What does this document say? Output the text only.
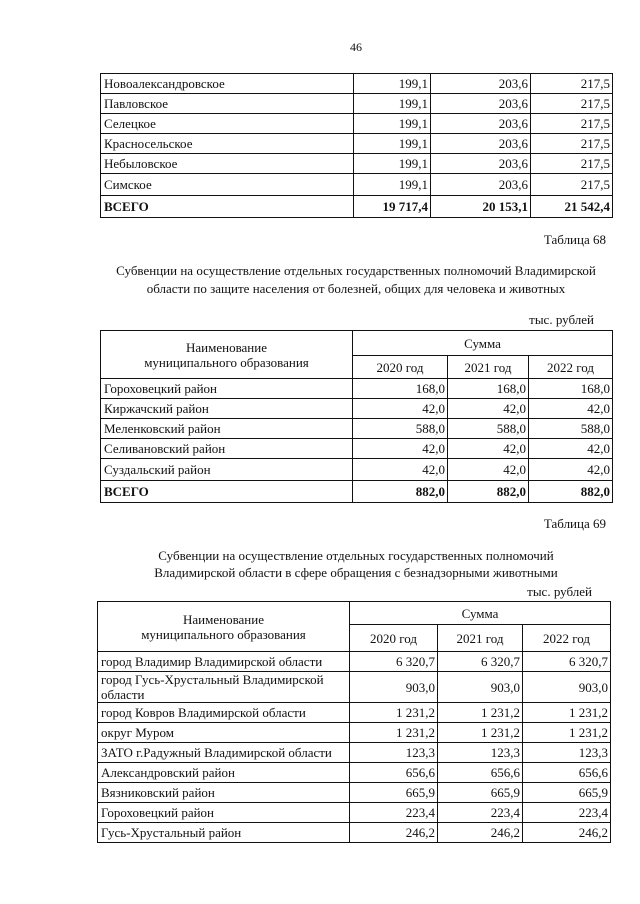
46
Новоалександровское	199,1	203,6	217,5
Павловское	199,1	203,6	217,5
Селецкое	199,1	203,6	217,5
Красносельское	199,1	203,6	217,5
Небыловское	199,1	203,6	217,5
Симское	199,1	203,6	217,5
ВСЕГО	19 717,4	20 153,1	21 542,4
Таблица 68
Субвенции на осуществление отдельных государственных полномочий Владимирской
области по защите населения от болезней, общих для человека и животных
тыс. рублей
Наименование
муниципального образования	Сумма		
	2020 год	2021 год	2022 год
Гороховецкий район	168,0	168,0	168,0
Киржачский район	42,0	42,0	42,0
Меленковский район	588,0	588,0	588,0
Селивановский район	42,0	42,0	42,0
Суздальский район	42,0	42,0	42,0
ВСЕГО	882,0	882,0	882,0
Таблица 69
Субвенции на осуществление отдельных государственных полномочий
Владимирской области в сфере обращения с безнадзорными животными
тыс. рублей
Наименование
муниципального образования	Сумма		
	2020 год	2021 год	2022 год
город Владимир Владимирской области	6 320,7	6 320,7	6 320,7
город Гусь-Хрустальный Владимирской области	903,0	903,0	903,0
город Ковров Владимирской области	1 231,2	1 231,2	1 231,2
округ Муром	1 231,2	1 231,2	1 231,2
ЗАТО г.Радужный Владимирской области	123,3	123,3	123,3
Александровский район	656,6	656,6	656,6
Вязниковский район	665,9	665,9	665,9
Гороховецкий район	223,4	223,4	223,4
Гусь-Хрустальный район	246,2	246,2	246,2
